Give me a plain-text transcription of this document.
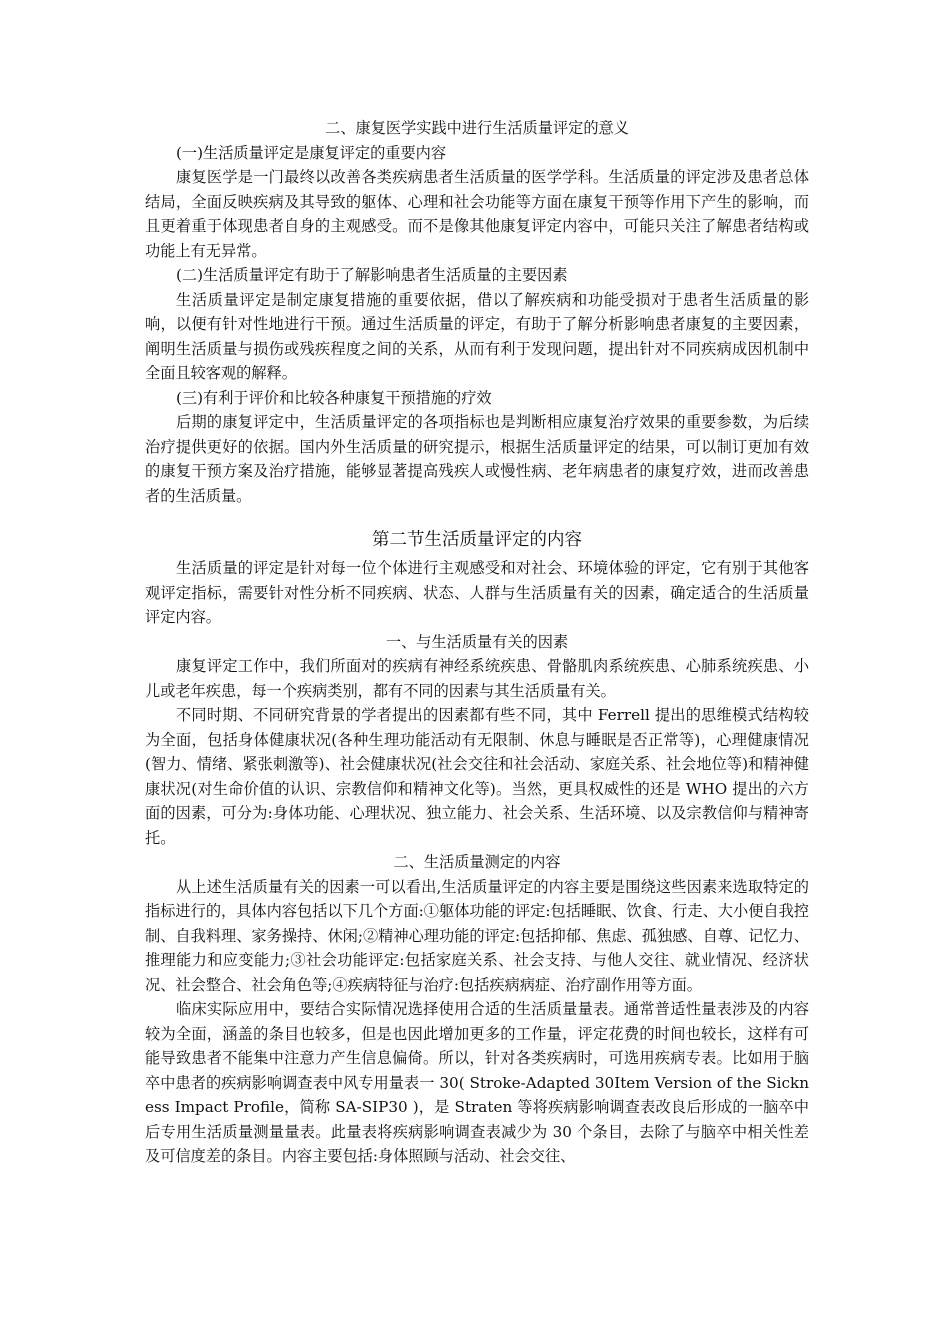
二、康复医学实践中进行生活质量评定的意义

(一)生活质量评定是康复评定的重要内容

康复医学是一门最终以改善各类疾病患者生活质量的医学学科。生活质量的评定涉及患者总体结局，全面反映疾病及其导致的躯体、心理和社会功能等方面在康复干预等作用下产生的影响，而且更着重于体现患者自身的主观感受。而不是像其他康复评定内容中，可能只关注了解患者结构或功能上有无异常。

(二)生活质量评定有助于了解影响患者生活质量的主要因素

生活质量评定是制定康复措施的重要依据，借以了解疾病和功能受损对于患者生活质量的影响，以便有针对性地进行干预。通过生活质量的评定，有助于了解分析影响患者康复的主要因素，阐明生活质量与损伤或残疾程度之间的关系，从而有利于发现问题，提出针对不同疾病成因机制中全面且较客观的解释。

(三)有利于评价和比较各种康复干预措施的疗效

后期的康复评定中，生活质量评定的各项指标也是判断相应康复治疗效果的重要参数，为后续治疗提供更好的依据。国内外生活质量的研究提示，根据生活质量评定的结果，可以制订更加有效的康复干预方案及治疗措施，能够显著提高残疾人或慢性病、老年病患者的康复疗效，进而改善患者的生活质量。

第二节生活质量评定的内容

生活质量的评定是针对每一位个体进行主观感受和对社会、环境体验的评定，它有别于其他客观评定指标，需要针对性分析不同疾病、状态、人群与生活质量有关的因素，确定适合的生活质量评定内容。

一、与生活质量有关的因素

康复评定工作中，我们所面对的疾病有神经系统疾患、骨骼肌肉系统疾患、心肺系统疾患、小儿或老年疾患，每一个疾病类别，都有不同的因素与其生活质量有关。

不同时期、不同研究背景的学者提出的因素都有些不同，其中 Ferrell 提出的思维模式结构较为全面，包括身体健康状况(各种生理功能活动有无限制、休息与睡眠是否正常等)，心理健康情况(智力、情绪、紧张刺激等)、社会健康状况(社会交往和社会活动、家庭关系、社会地位等)和精神健康状况(对生命价值的认识、宗教信仰和精神文化等)。当然，更具权威性的还是 WHO 提出的六方面的因素，可分为:身体功能、心理状况、独立能力、社会关系、生活环境、以及宗教信仰与精神寄托。

二、生活质量测定的内容

从上述生活质量有关的因素一可以看出,生活质量评定的内容主要是围绕这些因素来选取特定的指标进行的，具体内容包括以下几个方面:①躯体功能的评定:包括睡眠、饮食、行走、大小便自我控制、自我料理、家务操持、休闲;②精神心理功能的评定:包括抑郁、焦虑、孤独感、自尊、记忆力、推理能力和应变能力;③社会功能评定:包括家庭关系、社会支持、与他人交往、就业情况、经济状况、社会整合、社会角色等;④疾病特征与治疗:包括疾病病症、治疗副作用等方面。

临床实际应用中，要结合实际情况选择使用合适的生活质量量表。通常普适性量表涉及的内容较为全面，涵盖的条目也较多，但是也因此增加更多的工作量，评定花费的时间也较长，这样有可能导致患者不能集中注意力产生信息偏倚。所以，针对各类疾病时，可选用疾病专表。比如用于脑卒中患者的疾病影响调查表中风专用量表一 30( Stroke-Adapted 30Item Version of the Sickness Impact Profile，简称 SA-SIP30 )，是 Straten 等将疾病影响调查表改良后形成的一脑卒中后专用生活质量测量量表。此量表将疾病影响调查表减少为 30 个条目，去除了与脑卒中相关性差及可信度差的条目。内容主要包括:身体照顾与活动、社会交往、
